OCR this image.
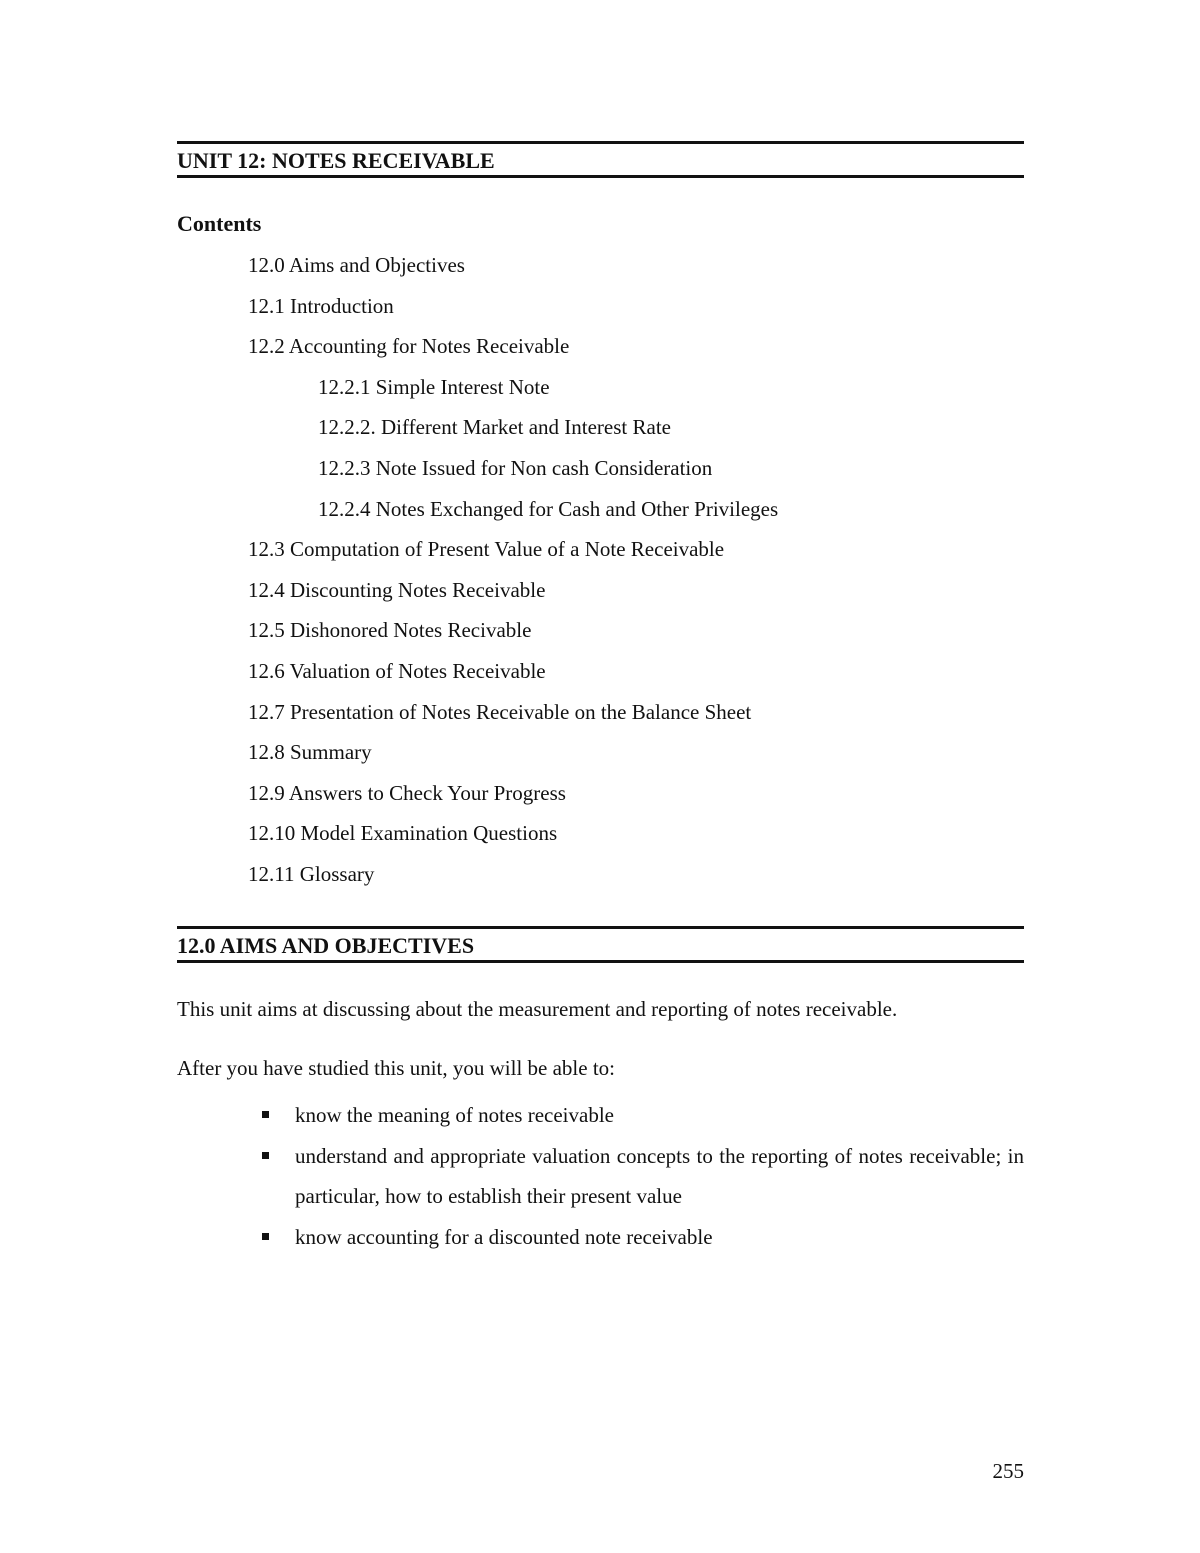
UNIT 12: NOTES RECEIVABLE
Contents
12.0 Aims and Objectives
12.1 Introduction
12.2 Accounting for Notes Receivable
12.2.1 Simple Interest Note
12.2.2. Different Market and Interest Rate
12.2.3 Note Issued for Non cash Consideration
12.2.4 Notes Exchanged for Cash and Other Privileges
12.3 Computation of Present Value of a Note Receivable
12.4 Discounting Notes Receivable
12.5 Dishonored Notes Recivable
12.6 Valuation of Notes Receivable
12.7 Presentation of Notes Receivable on the Balance Sheet
12.8 Summary
12.9 Answers to Check Your Progress
12.10 Model Examination Questions
12.11 Glossary
12.0 AIMS AND OBJECTIVES

This unit aims at discussing about the measurement and reporting of notes receivable.

After you have studied this unit, you will be able to:

know the meaning of notes receivable
understand and appropriate valuation concepts to the reporting of notes receivable; in particular, how to establish their present value
know accounting for a discounted note receivable
255
